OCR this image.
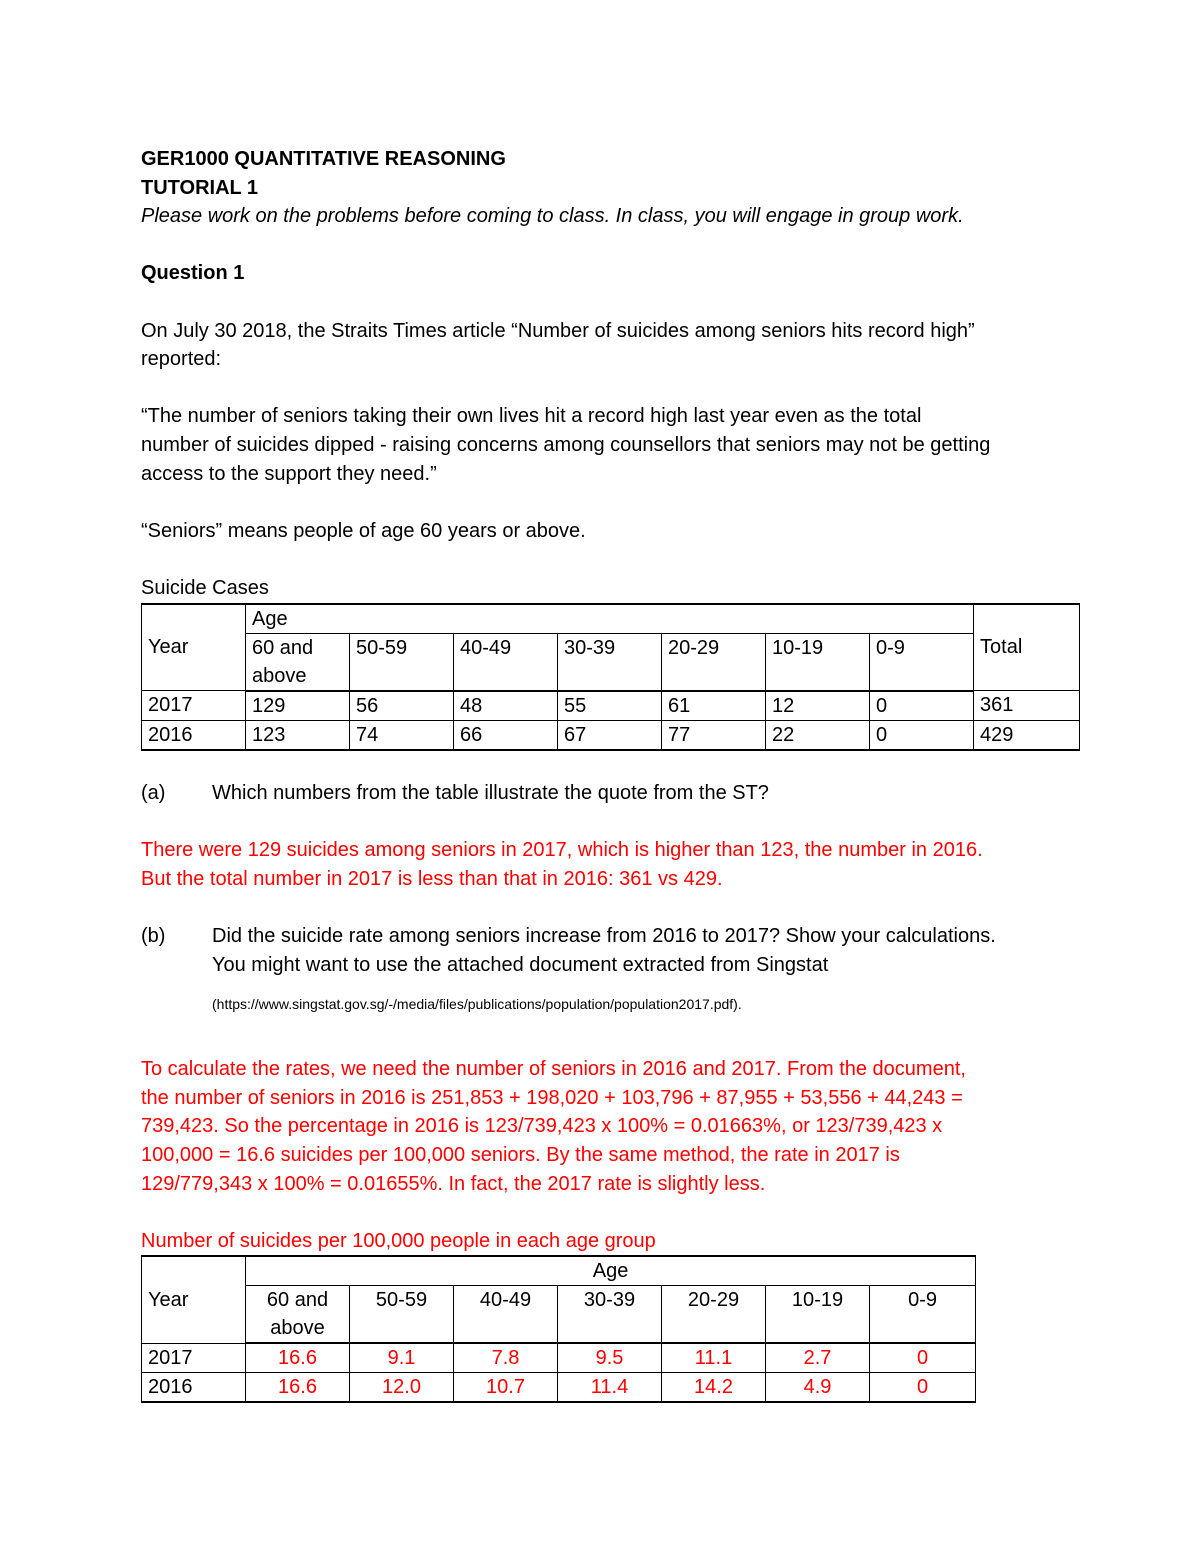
GER1000 QUANTITATIVE REASONING

TUTORIAL 1

Please work on the problems before coming to class. In class, you will engage in group work.

Question 1

On July 30 2018, the Straits Times article “Number of suicides among seniors hits record high”

reported:

“The number of seniors taking their own lives hit a record high last year even as the total

number of suicides dipped - raising concerns among counsellors that seniors may not be getting

access to the support they need.”

“Seniors” means people of age 60 years or above.

Suicide Cases

Year	Age							Total
	60 and above	50-59	40-49	30-39	20-29	10-19	0-9	
2017	129	56	48	55	61	12	0	361
2016	123	74	66	67	77	22	0	429
(a) Which numbers from the table illustrate the quote from the ST?

There were 129 suicides among seniors in 2017, which is higher than 123, the number in 2016.

But the total number in 2017 is less than that in 2016: 361 vs 429.

(b) Did the suicide rate among seniors increase from 2016 to 2017? Show your calculations.

You might want to use the attached document extracted from Singstat

(https://www.singstat.gov.sg/-/media/files/publications/population/population2017.pdf).

To calculate the rates, we need the number of seniors in 2016 and 2017. From the document,

the number of seniors in 2016 is 251,853 + 198,020 + 103,796 + 87,955 + 53,556 + 44,243 =

739,423. So the percentage in 2016 is 123/739,423 x 100% = 0.01663%, or 123/739,423 x

100,000 = 16.6 suicides per 100,000 seniors. By the same method, the rate in 2017 is

129/779,343 x 100% = 0.01655%. In fact, the 2017 rate is slightly less.

Number of suicides per 100,000 people in each age group

Year	Age						
	60 and above	50-59	40-49	30-39	20-29	10-19	0-9
2017	16.6	9.1	7.8	9.5	11.1	2.7	0
2016	16.6	12.0	10.7	11.4	14.2	4.9	0
